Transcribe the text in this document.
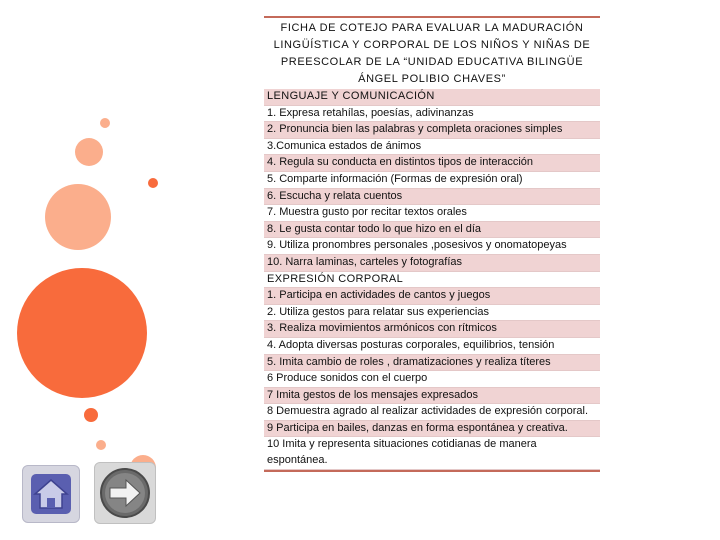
FICHA DE COTEJO PARA EVALUAR LA MADURACIÓN LINGÜÍSTICA Y CORPORAL DE LOS NIÑOS Y NIÑAS DE PREESCOLAR DE LA “UNIDAD EDUCATIVA BILINGÜE ÁNGEL POLIBIO CHAVES”
LENGUAJE Y COMUNICACIÓN
1. Expresa retahílas, poesías, adivinanzas
2. Pronuncia bien las palabras y completa oraciones simples
3.Comunica estados de ánimos
4. Regula su conducta en distintos tipos de interacción
5. Comparte información (Formas de expresión oral)
6. Escucha y relata cuentos
7. Muestra gusto por recitar textos orales
8. Le gusta contar todo lo que hizo en el día
9. Utiliza pronombres personales ,posesivos y onomatopeyas
10. Narra laminas, carteles y fotografías
EXPRESIÓN CORPORAL
1. Participa en actividades de cantos y juegos
2. Utiliza gestos para relatar sus experiencias
3. Realiza movimientos armónicos con rítmicos
4. Adopta diversas posturas corporales, equilibrios, tensión
5. Imita cambio de roles , dramatizaciones y realiza títeres
6 Produce sonidos con el cuerpo
7 Imita gestos de los mensajes expresados
8 Demuestra agrado al realizar actividades de expresión corporal.
9 Participa en bailes, danzas en forma espontánea y creativa.
10 Imita y representa situaciones cotidianas de manera espontánea.
